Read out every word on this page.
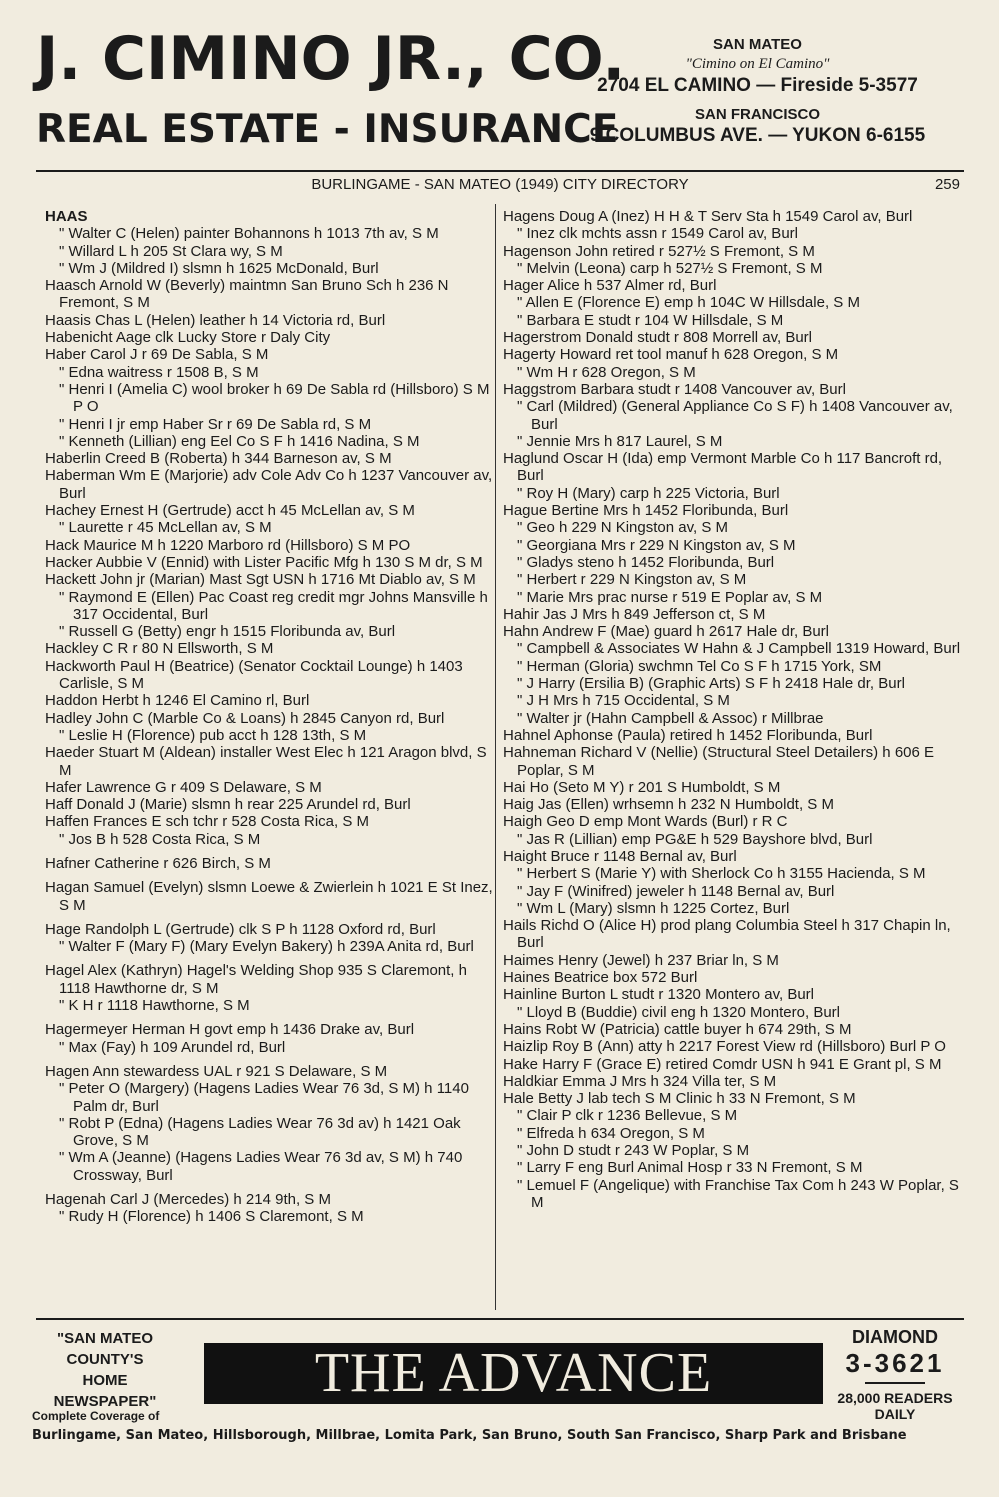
J. CIMINO JR., CO.
REAL ESTATE - INSURANCE
SAN MATEO
"Cimino on El Camino"
2704 EL CAMINO — Fireside 5-3577
SAN FRANCISCO
9 COLUMBUS AVE. — YUKON 6-6155
BURLINGAME - SAN MATEO (1949) CITY DIRECTORY	259
HAAS
" Walter C (Helen) painter Bohannons h 1013 7th av, S M
" Willard L h 205 St Clara wy, S M
" Wm J (Mildred I) slsmn h 1625 McDonald, Burl
Haasch Arnold W (Beverly) maintmn San Bruno Sch h 236 N Fremont, S M
Haasis Chas L (Helen) leather h 14 Victoria rd, Burl
Habenicht Aage clk Lucky Store r Daly City
Haber Carol J r 69 De Sabla, S M
" Edna waitress r 1508 B, S M
" Henri I (Amelia C) wool broker h 69 De Sabla rd (Hillsboro) S M P O
" Henri I jr emp Haber Sr r 69 De Sabla rd, S M
" Kenneth (Lillian) eng Eel Co S F h 1416 Nadina, S M
Haberlin Creed B (Roberta) h 344 Barneson av, S M
Haberman Wm E (Marjorie) adv Cole Adv Co h 1237 Vancouver av, Burl
Hachey Ernest H (Gertrude) acct h 45 McLellan av, S M
" Laurette r 45 McLellan av, S M
Hack Maurice M h 1220 Marboro rd (Hillsboro) S M PO
Hacker Aubbie V (Ennid) with Lister Pacific Mfg h 130 S M dr, S M
Hackett John jr (Marian) Mast Sgt USN h 1716 Mt Diablo av, S M
" Raymond E (Ellen) Pac Coast reg credit mgr Johns Mansville h 317 Occidental, Burl
" Russell G (Betty) engr h 1515 Floribunda av, Burl
Hackley C R r 80 N Ellsworth, S M
Hackworth Paul H (Beatrice) (Senator Cocktail Lounge) h 1403 Carlisle, S M
Haddon Herbt h 1246 El Camino rl, Burl
Hadley John C (Marble Co & Loans) h 2845 Canyon rd, Burl
" Leslie H (Florence) pub acct h 128 13th, S M
Haeder Stuart M (Aldean) installer West Elec h 121 Aragon blvd, S M
Hafer Lawrence G r 409 S Delaware, S M
Haff Donald J (Marie) slsmn h rear 225 Arundel rd, Burl
Haffen Frances E sch tchr r 528 Costa Rica, S M
" Jos B h 528 Costa Rica, S M
Hafner Catherine r 626 Birch, S M
Hagan Samuel (Evelyn) slsmn Loewe & Zwierlein h 1021 E St Inez, S M
Hage Randolph L (Gertrude) clk S P h 1128 Oxford rd, Burl
" Walter F (Mary F) (Mary Evelyn Bakery) h 239A Anita rd, Burl
Hagel Alex (Kathryn) Hagel's Welding Shop 935 S Claremont, h 1118 Hawthorne dr, S M
" K H r 1118 Hawthorne, S M
Hagermeyer Herman H govt emp h 1436 Drake av, Burl
" Max (Fay) h 109 Arundel rd, Burl
Hagen Ann stewardess UAL r 921 S Delaware, S M
" Peter O (Margery) (Hagens Ladies Wear 76 3d, S M) h 1140 Palm dr, Burl
" Robt P (Edna) (Hagens Ladies Wear 76 3d av) h 1421 Oak Grove, S M
" Wm A (Jeanne) (Hagens Ladies Wear 76 3d av, S M) h 740 Crossway, Burl
Hagenah Carl J (Mercedes) h 214 9th, S M
" Rudy H (Florence) h 1406 S Claremont, S M
Hagens Doug A (Inez) H H & T Serv Sta h 1549 Carol av, Burl
" Inez clk mchts assn r 1549 Carol av, Burl
Hagenson John retired r 527½ S Fremont, S M
" Melvin (Leona) carp h 527½ S Fremont, S M
Hager Alice h 537 Almer rd, Burl
" Allen E (Florence E) emp h 104C W Hillsdale, S M
" Barbara E studt r 104 W Hillsdale, S M
Hagerstrom Donald studt r 808 Morrell av, Burl
Hagerty Howard ret tool manuf h 628 Oregon, S M
" Wm H r 628 Oregon, S M
Haggstrom Barbara studt r 1408 Vancouver av, Burl
" Carl (Mildred) (General Appliance Co S F) h 1408 Vancouver av, Burl
" Jennie Mrs h 817 Laurel, S M
Haglund Oscar H (Ida) emp Vermont Marble Co h 117 Bancroft rd, Burl
" Roy H (Mary) carp h 225 Victoria, Burl
Hague Bertine Mrs h 1452 Floribunda, Burl
" Geo h 229 N Kingston av, S M
" Georgiana Mrs r 229 N Kingston av, S M
" Gladys steno h 1452 Floribunda, Burl
" Herbert r 229 N Kingston av, S M
" Marie Mrs prac nurse r 519 E Poplar av, S M
Hahir Jas J Mrs h 849 Jefferson ct, S M
Hahn Andrew F (Mae) guard h 2617 Hale dr, Burl
" Campbell & Associates W Hahn & J Campbell 1319 Howard, Burl
" Herman (Gloria) swchmn Tel Co S F h 1715 York, SM
" J Harry (Ersilia B) (Graphic Arts) S F h 2418 Hale dr, Burl
" J H Mrs h 715 Occidental, S M
" Walter jr (Hahn Campbell & Assoc) r Millbrae
Hahnel Aphonse (Paula) retired h 1452 Floribunda, Burl
Hahneman Richard V (Nellie) (Structural Steel Detailers) h 606 E Poplar, S M
Hai Ho (Seto M Y) r 201 S Humboldt, S M
Haig Jas (Ellen) wrhsemn h 232 N Humboldt, S M
Haigh Geo D emp Mont Wards (Burl) r R C
" Jas R (Lillian) emp PG&E h 529 Bayshore blvd, Burl
Haight Bruce r 1148 Bernal av, Burl
" Herbert S (Marie Y) with Sherlock Co h 3155 Hacienda, S M
" Jay F (Winifred) jeweler h 1148 Bernal av, Burl
" Wm L (Mary) slsmn h 1225 Cortez, Burl
Hails Richd O (Alice H) prod plang Columbia Steel h 317 Chapin ln, Burl
Haimes Henry (Jewel) h 237 Briar ln, S M
Haines Beatrice box 572 Burl
Hainline Burton L studt r 1320 Montero av, Burl
" Lloyd B (Buddie) civil eng h 1320 Montero, Burl
Hains Robt W (Patricia) cattle buyer h 674 29th, S M
Haizlip Roy B (Ann) atty h 2217 Forest View rd (Hillsboro) Burl P O
Hake Harry F (Grace E) retired Comdr USN h 941 E Grant pl, S M
Haldkiar Emma J Mrs h 324 Villa ter, S M
Hale Betty J lab tech S M Clinic h 33 N Fremont, S M
" Clair P clk r 1236 Bellevue, S M
" Elfreda h 634 Oregon, S M
" John D studt r 243 W Poplar, S M
" Larry F eng Burl Animal Hosp r 33 N Fremont, S M
" Lemuel F (Angelique) with Franchise Tax Com h 243 W Poplar, S M
"SAN MATEO
COUNTY'S
HOME
NEWSPAPER"
Complete Coverage of
THE ADVANCE
DIAMOND
3-3621
28,000 READERS
DAILY
Burlingame, San Mateo, Hillsborough, Millbrae, Lomita Park, San Bruno, South San Francisco, Sharp Park and Brisbane
